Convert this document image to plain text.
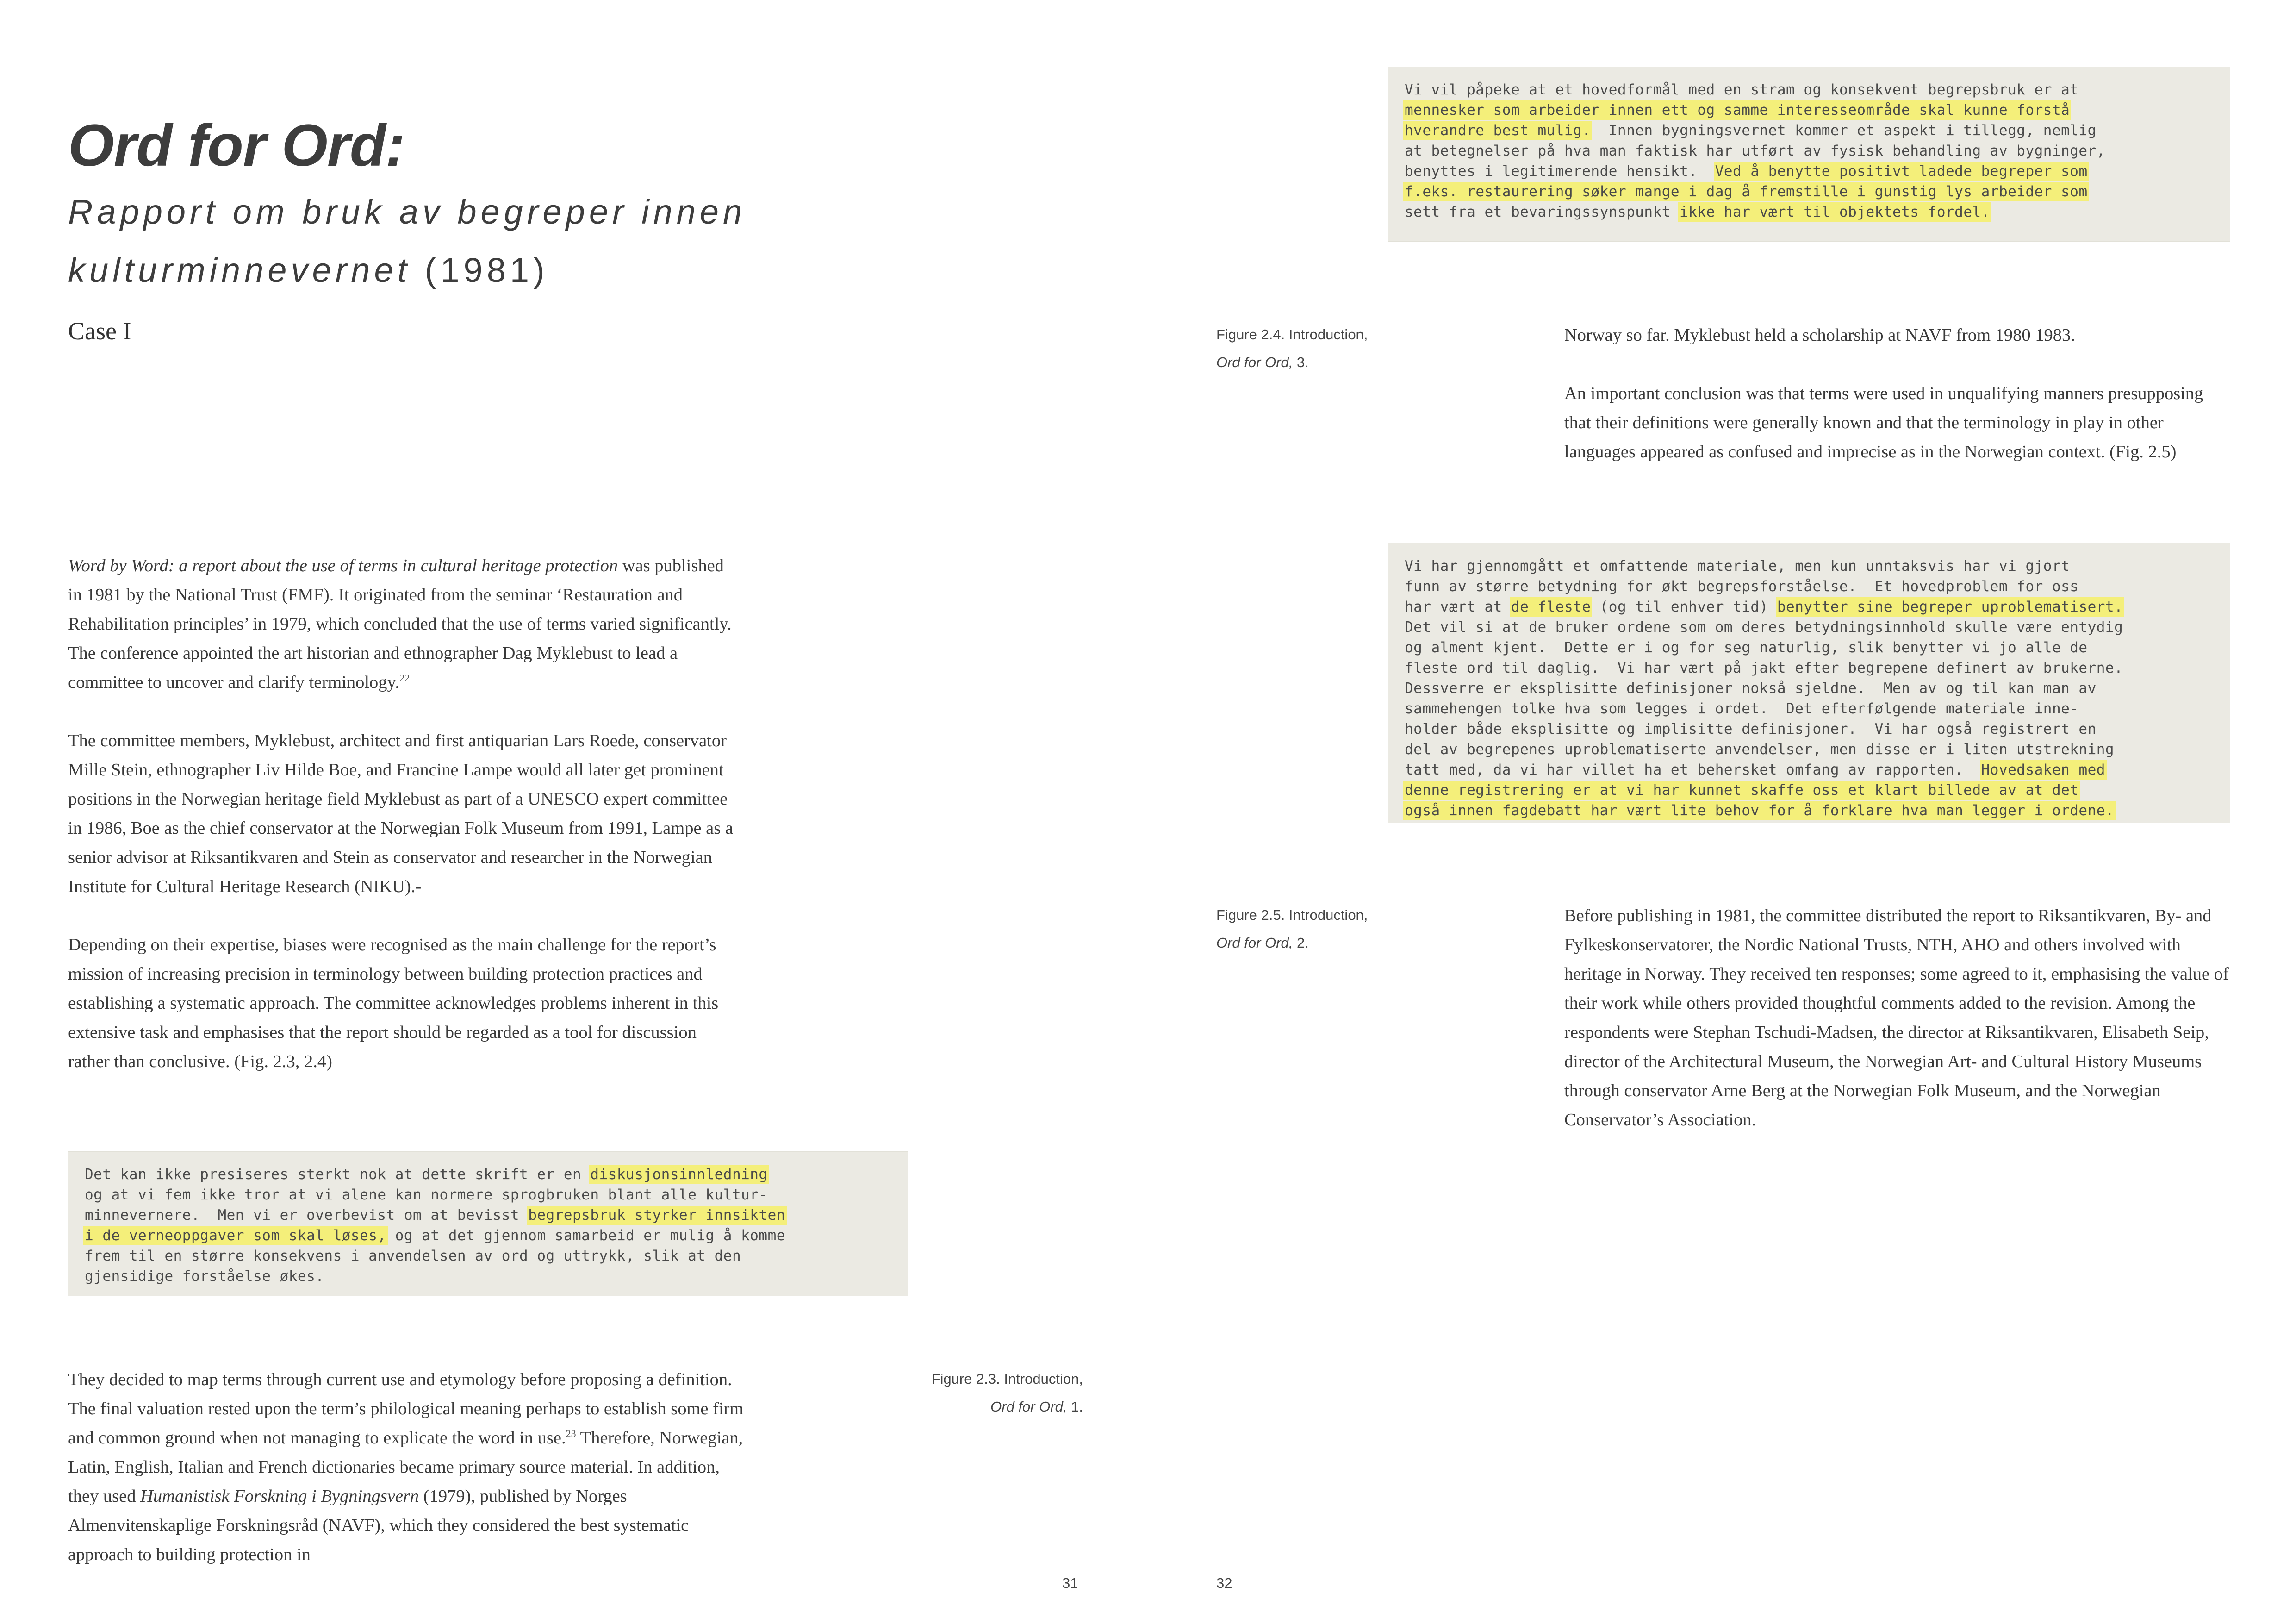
Ord for Ord:
Rapport om bruk av begreper innen kulturminnevernet (1981)
Case I

Word by Word: a report about the use of terms in cultural heritage protection was published in 1981 by the National Trust (FMF). It originated from the seminar ‘Restauration and Rehabilitation principles’ in 1979, which concluded that the use of terms varied significantly. The conference appointed the art historian and ethnographer Dag Myklebust to lead a committee to uncover and clarify terminology.$^{22}$

The committee members, Myklebust, architect and first antiquarian Lars Roede, conservator Mille Stein, ethnographer Liv Hilde Boe, and Francine Lampe would all later get prominent positions in the Norwegian heritage field Myklebust as part of a UNESCO expert committee in 1986, Boe as the chief conservator at the Norwegian Folk Museum from 1991, Lampe as a senior advisor at Riksantikvaren and Stein as conservator and researcher in the Norwegian Institute for Cultural Heritage Research (NIKU).-

Depending on their expertise, biases were recognised as the main challenge for the report’s mission of increasing precision in terminology between building protection practices and establishing a systematic approach. The committee acknowledges problems inherent in this extensive task and emphasises that the report should be regarded as a tool for discussion rather than conclusive. (Fig. 2.3, 2.4)

Det kan ikke presiseres sterkt nok at dette skrift er en diskusjonsinnledning

og at vi fem ikke tror at vi alene kan normere sprogbruken blant alle kultur-

minnevernere.  Men vi er overbevist om at bevisst begrepsbruk styrker innsikten

i de verneoppgaver som skal løses, og at det gjennom samarbeid er mulig å komme

frem til en større konsekvens i anvendelsen av ord og uttrykk, slik at den

gjensidige forståelse økes.

Figure 2.3. Introduction,
Ord for Ord, 1.

They decided to map terms through current use and etymology before proposing a definition. The final valuation rested upon the term’s philological meaning perhaps to establish some firm and common ground when not managing to explicate the word in use.$^{23}$ Therefore, Norwegian, Latin, English, Italian and French dictionaries became primary source material. In addition, they used Humanistisk Forskning i Bygningsvern (1979), published by Norges Almenvitenskaplige Forskningsråd (NAVF), which they considered the best systematic approach to building protection in

31

Vi vil påpeke at et hovedformål med en stram og konsekvent begrepsbruk er at

mennesker som arbeider innen ett og samme interesseområde skal kunne forstå

hverandre best mulig.  Innen bygningsvernet kommer et aspekt i tillegg, nemlig

at betegnelser på hva man faktisk har utført av fysisk behandling av bygninger,

benyttes i legitimerende hensikt.  Ved å benytte positivt ladede begreper som

f.eks. restaurering søker mange i dag å fremstille i gunstig lys arbeider som

sett fra et bevaringssynspunkt ikke har vært til objektets fordel.

Figure 2.4. Introduction,
Ord for Ord, 3.

Norway so far. Myklebust held a scholarship at NAVF from 1980 1983.

An important conclusion was that terms were used in unqualifying manners presupposing that their definitions were generally known and that the terminology in play in other languages appeared as confused and imprecise as in the Norwegian context. (Fig. 2.5)

Vi har gjennomgått et omfattende materiale, men kun unntaksvis har vi gjort

funn av større betydning for økt begrepsforståelse.  Et hovedproblem for oss

har vært at de fleste (og til enhver tid) benytter sine begreper uproblematisert.

Det vil si at de bruker ordene som om deres betydningsinnhold skulle være entydig

og alment kjent.  Dette er i og for seg naturlig, slik benytter vi jo alle de

fleste ord til daglig.  Vi har vært på jakt efter begrepene definert av brukerne.

Dessverre er eksplisitte definisjoner nokså sjeldne.  Men av og til kan man av

sammehengen tolke hva som legges i ordet.  Det efterfølgende materiale inne-

holder både eksplisitte og implisitte definisjoner.  Vi har også registrert en

del av begrepenes uproblematiserte anvendelser, men disse er i liten utstrekning

tatt med, da vi har villet ha et behersket omfang av rapporten.  Hovedsaken med

denne registrering er at vi har kunnet skaffe oss et klart billede av at det

også innen fagdebatt har vært lite behov for å forklare hva man legger i ordene.

Figure 2.5. Introduction,
Ord for Ord, 2.

Before publishing in 1981, the committee distributed the report to Riksantikvaren, By- and Fylkeskonservatorer, the Nordic National Trusts, NTH, AHO and others involved with heritage in Norway. They received ten responses; some agreed to it, emphasising the value of their work while others provided thoughtful comments added to the revision. Among the respondents were Stephan Tschudi-Madsen, the director at Riksantikvaren, Elisabeth Seip, director of the Architectural Museum, the Norwegian Art- and Cultural History Museums through conservator Arne Berg at the Norwegian Folk Museum, and the Norwegian Conservator’s Association.

32
